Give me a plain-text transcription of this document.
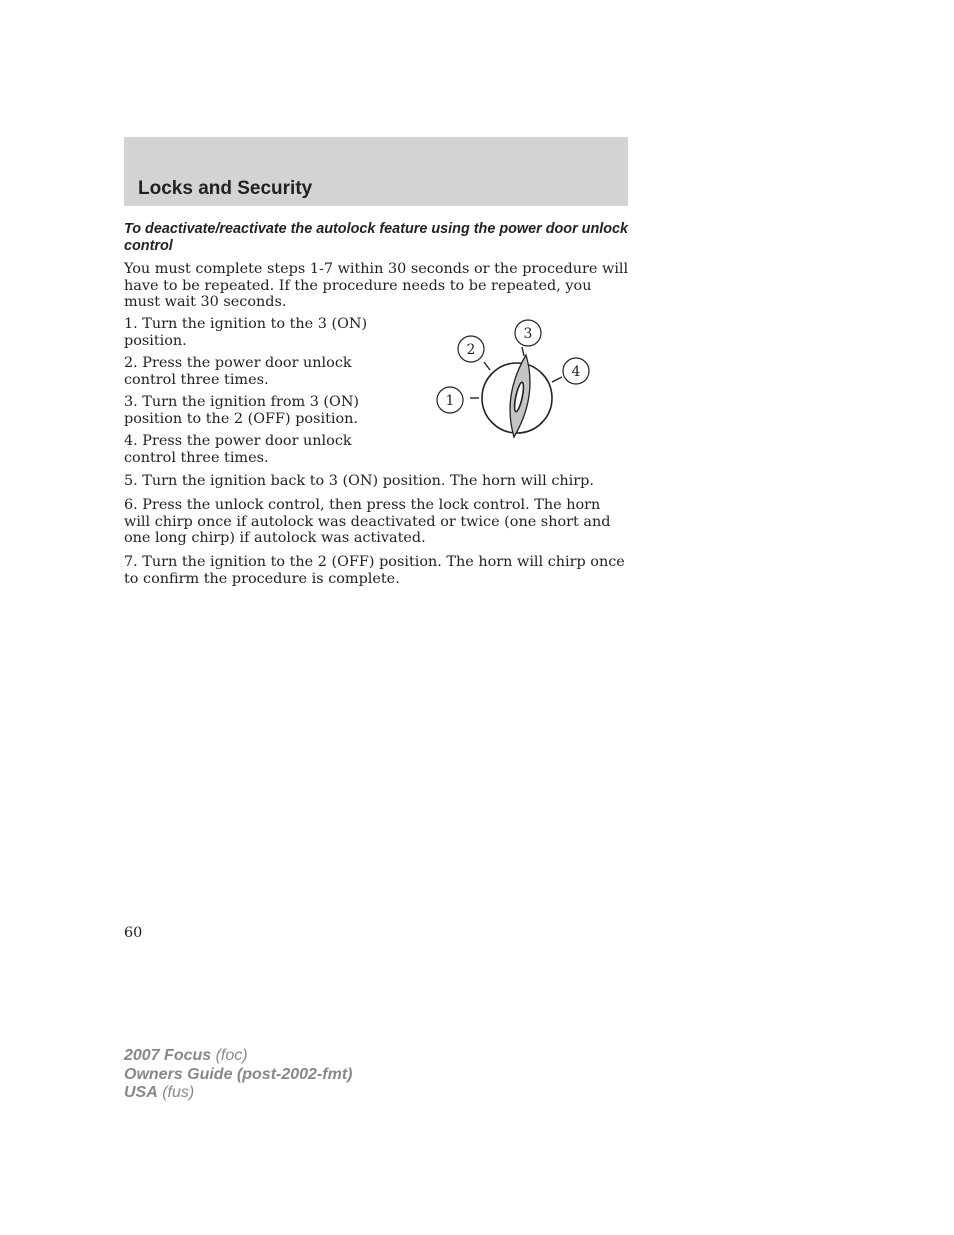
Locks and Security

To deactivate/reactivate the autolock feature using the power door unlock control

You must complete steps 1-7 within 30 seconds or the procedure will have to be repeated. If the procedure needs to be repeated, you must wait 30 seconds.

1. Turn the ignition to the 3 (ON) position.

2. Press the power door unlock control three times.

3. Turn the ignition from 3 (ON) position to the 2 (OFF) position.

4. Press the power door unlock control three times.

5. Turn the ignition back to 3 (ON) position. The horn will chirp.

6. Press the unlock control, then press the lock control. The horn will chirp once if autolock was deactivated or twice (one short and one long chirp) if autolock was activated.

7. Turn the ignition to the 2 (OFF) position. The horn will chirp once to confirm the procedure is complete.

1
2
3
4

60

2007 Focus (foc)
Owners Guide (post-2002-fmt)
USA (fus)
